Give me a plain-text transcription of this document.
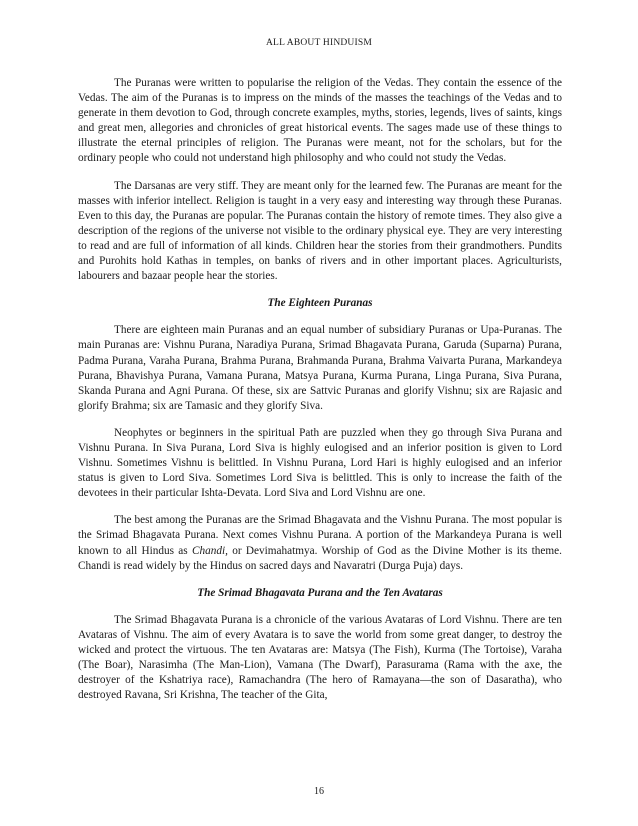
ALL ABOUT HINDUISM

The Puranas were written to popularise the religion of the Vedas. They contain the essence of the Vedas. The aim of the Puranas is to impress on the minds of the masses the teachings of the Vedas and to generate in them devotion to God, through concrete examples, myths, stories, legends, lives of saints, kings and great men, allegories and chronicles of great historical events. The sages made use of these things to illustrate the eternal principles of religion. The Puranas were meant, not for the scholars, but for the ordinary people who could not understand high philosophy and who could not study the Vedas.

The Darsanas are very stiff. They are meant only for the learned few. The Puranas are meant for the masses with inferior intellect. Religion is taught in a very easy and interesting way through these Puranas. Even to this day, the Puranas are popular. The Puranas contain the history of remote times. They also give a description of the regions of the universe not visible to the ordinary physical eye. They are very interesting to read and are full of information of all kinds. Children hear the stories from their grandmothers. Pundits and Purohits hold Kathas in temples, on banks of rivers and in other important places. Agriculturists, labourers and bazaar people hear the stories.

The Eighteen Puranas

There are eighteen main Puranas and an equal number of subsidiary Puranas or Upa-Puranas. The main Puranas are: Vishnu Purana, Naradiya Purana, Srimad Bhagavata Purana, Garuda (Suparna) Purana, Padma Purana, Varaha Purana, Brahma Purana, Brahmanda Purana, Brahma Vaivarta Purana, Markandeya Purana, Bhavishya Purana, Vamana Purana, Matsya Purana, Kurma Purana, Linga Purana, Siva Purana, Skanda Purana and Agni Purana. Of these, six are Sattvic Puranas and glorify Vishnu; six are Rajasic and glorify Brahma; six are Tamasic and they glorify Siva.

Neophytes or beginners in the spiritual Path are puzzled when they go through Siva Purana and Vishnu Purana. In Siva Purana, Lord Siva is highly eulogised and an inferior position is given to Lord Vishnu. Sometimes Vishnu is belittled. In Vishnu Purana, Lord Hari is highly eulogised and an inferior status is given to Lord Siva. Sometimes Lord Siva is belittled. This is only to increase the faith of the devotees in their particular Ishta-Devata. Lord Siva and Lord Vishnu are one.

The best among the Puranas are the Srimad Bhagavata and the Vishnu Purana. The most popular is the Srimad Bhagavata Purana. Next comes Vishnu Purana. A portion of the Markandeya Purana is well known to all Hindus as Chandi, or Devimahatmya. Worship of God as the Divine Mother is its theme. Chandi is read widely by the Hindus on sacred days and Navaratri (Durga Puja) days.

The Srimad Bhagavata Purana and the Ten Avataras

The Srimad Bhagavata Purana is a chronicle of the various Avataras of Lord Vishnu. There are ten Avataras of Vishnu. The aim of every Avatara is to save the world from some great danger, to destroy the wicked and protect the virtuous. The ten Avataras are: Matsya (The Fish), Kurma (The Tortoise), Varaha (The Boar), Narasimha (The Man-Lion), Vamana (The Dwarf), Parasurama (Rama with the axe, the destroyer of the Kshatriya race), Ramachandra (The hero of Ramayana—the son of Dasaratha), who destroyed Ravana, Sri Krishna, The teacher of the Gita,

16
